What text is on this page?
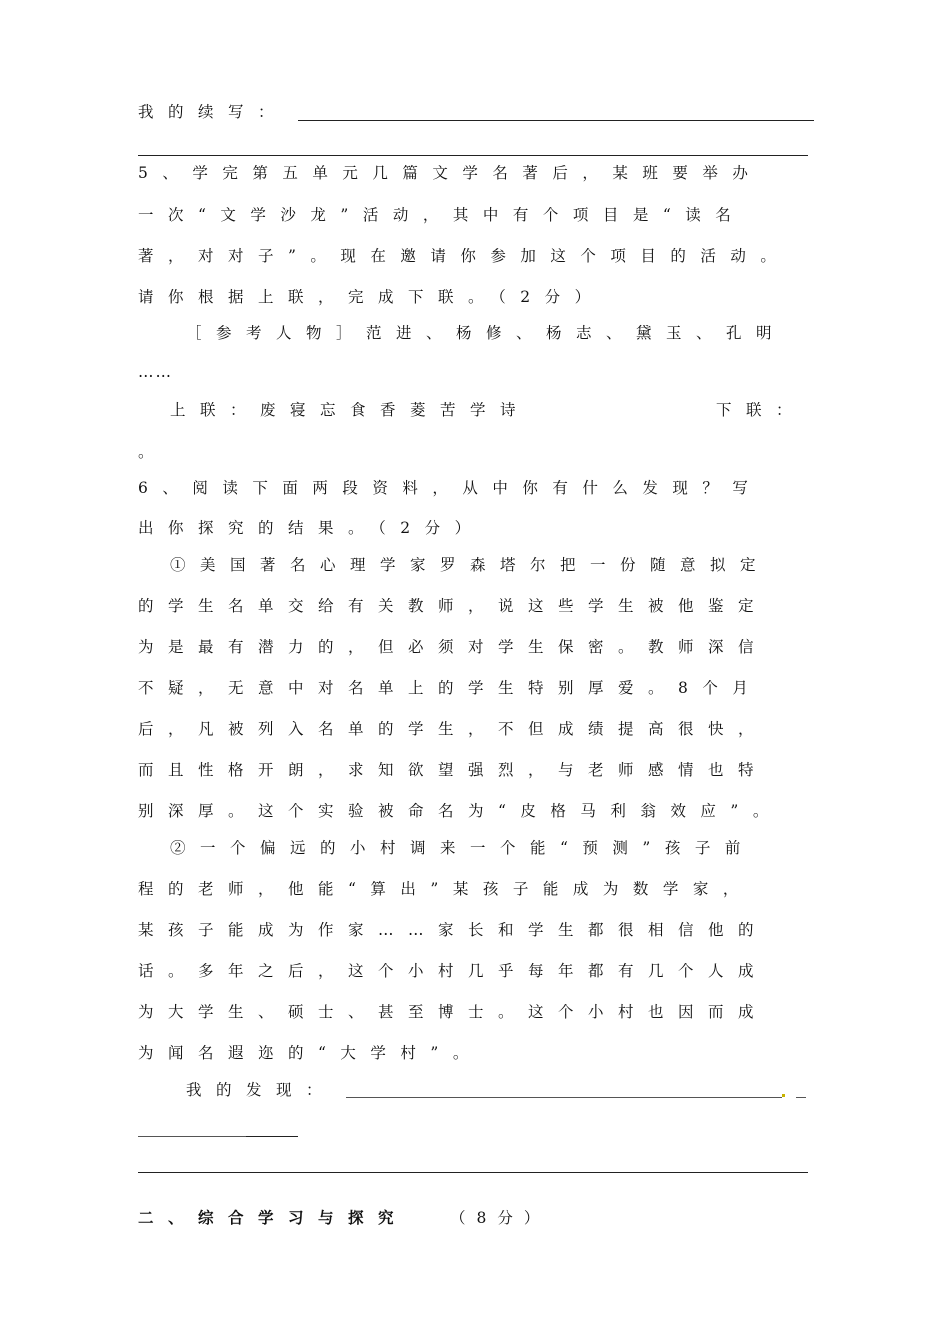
我的续写：
5、学完第五单元几篇文学名著后，某班要举办
一次“文学沙龙”活动，其中有个项目是“读名
著，对对子”。现在邀请你参加这个项目的活动。
请你根据上联，完成下联。（2分）
［参考人物］范进、杨修、杨志、黛玉、孔明
……
上联：废寝忘食香菱苦学诗	下联：
。
6、阅读下面两段资料，从中你有什么发现？写
出你探究的结果。（2分）
①美国著名心理学家罗森塔尔把一份随意拟定
的学生名单交给有关教师，说这些学生被他鉴定
为是最有潜力的，但必须对学生保密。教师深信
不疑，无意中对名单上的学生特别厚爱。8个月
后，凡被列入名单的学生，不但成绩提高很快，
而且性格开朗，求知欲望强烈，与老师感情也特
别深厚。这个实验被命名为“皮格马利翁效应”。
②一个偏远的小村调来一个能“预测”孩子前
程的老师，他能“算出”某孩子能成为数学家，
某孩子能成为作家……家长和学生都很相信他的
话。多年之后，这个小村几乎每年都有几个人成
为大学生、硕士、甚至博士。这个小村也因而成
为闻名遐迩的“大学村”。
我的发现：
二、综合学习与探究	（8分）
